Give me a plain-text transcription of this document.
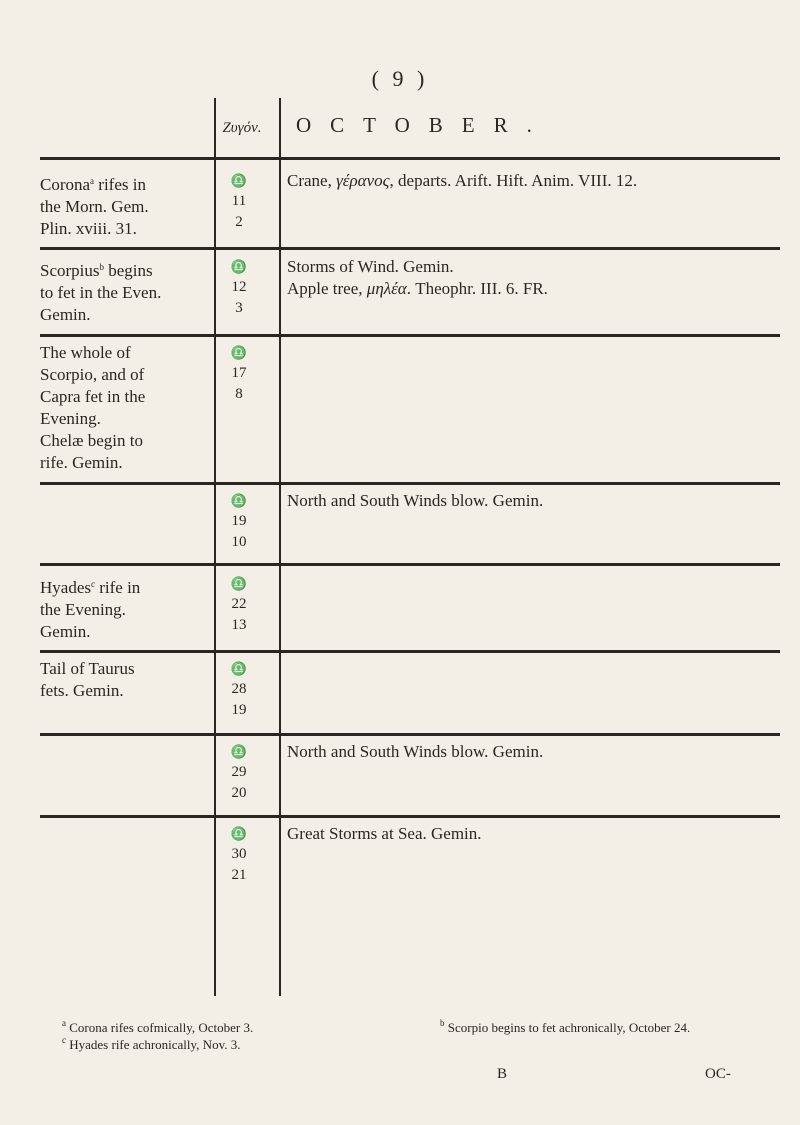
( 9 )
Ζυγόν. OCTOBER.
Corona$^a$ rifes in
the Morn. Gem.
Plin. xviii. 31.
♎
11
2
Crane, γέρανος, departs. Arift. Hift. Anim. VIII. 12.
Scorpius$^b$ begins
to fet in the Even.
Gemin.
♎
12
3
Storms of Wind. Gemin.
Apple tree, μηλέα. Theophr. III. 6. FR.
The whole of
Scorpio, and of
Capra fet in the
Evening.
Chelæ begin to
rife. Gemin.
♎
17
8
♎
19
10
North and South Winds blow. Gemin.
Hyades$^c$ rife in
the Evening.
Gemin.
♎
22
13
Tail of Taurus
fets. Gemin.
♎
28
19
♎
29
20
North and South Winds blow. Gemin.
♎
30
21
Great Storms at Sea. Gemin.
$^a$ Corona rifes cofmically, October 3.	$^b$ Scorpio begins to fet achronically, October 24.
$^c$ Hyades rife achronically, Nov. 3.
B	OC-
